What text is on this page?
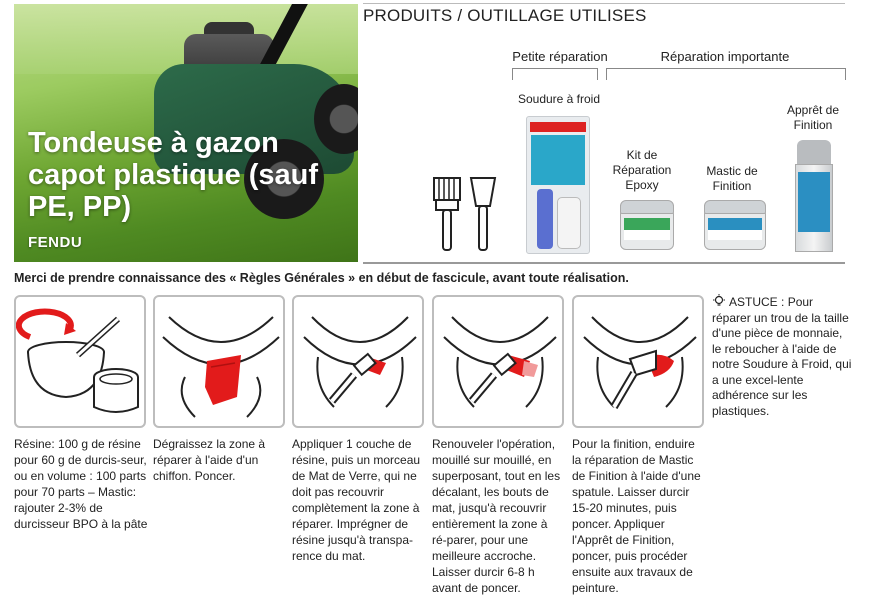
Tondeuse à gazon capot plastique (sauf PE, PP)
FENDU
PRODUITS / OUTILLAGE UTILISES
Petite réparation	Réparation importante
Soudure à froid
Kit de Réparation Epoxy
Mastic de Finition
Apprêt de Finition
Merci de prendre connaissance des « Règles Générales » en début de fascicule, avant toute réalisation.
Résine: 100 g de résine pour 60 g de durcis-seur, ou en volume : 100 parts pour 70 parts – Mastic: rajouter 2-3% de durcisseur BPO à la pâte
Dégraissez la zone à réparer à l'aide d'un chiffon. Poncer.
Appliquer 1 couche de résine, puis un morceau de Mat de Verre, qui ne doit pas recouvrir complètement la zone à réparer. Imprégner de résine jusqu'à transpa-rence du mat.
Renouveler l'opération, mouillé sur mouillé, en superposant, tout en les décalant, les bouts de mat, jusqu'à recouvrir entièrement la zone à ré-parer, pour une meilleure accroche. Laisser durcir 6-8 h avant de poncer.
Pour la finition, enduire la réparation de Mastic de Finition à l'aide d'une spatule. Laisser durcir 15-20 minutes, puis poncer. Appliquer l'Apprêt de Finition, poncer, puis procéder ensuite aux travaux de peinture.
ASTUCE : Pour réparer un trou de la taille d'une pièce de monnaie, le reboucher à l'aide de notre Soudure à Froid, qui a une excel-lente adhérence sur les plastiques.
